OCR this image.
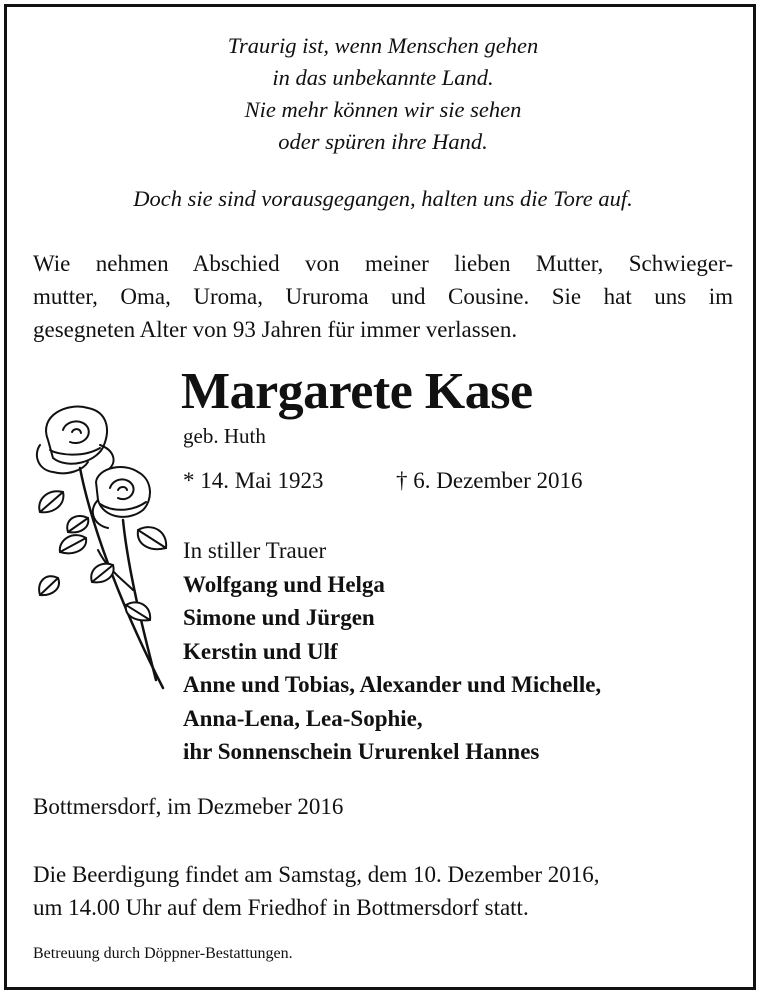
Traurig ist, wenn Menschen gehen
in das unbekannte Land.
Nie mehr können wir sie sehen
oder spüren ihre Hand.
Doch sie sind vorausgegangen, halten uns die Tore auf.
Wie nehmen Abschied von meiner lieben Mutter, Schwieger-
mutter, Oma, Uroma, Ururoma und Cousine. Sie hat uns im
gesegneten Alter von 93 Jahren für immer verlassen.
Margarete Kase
geb. Huth
* 14. Mai 1923	† 6. Dezember 2016
In stiller Trauer
Wolfgang und Helga
Simone und Jürgen
Kerstin und Ulf
Anne und Tobias, Alexander und Michelle,
Anna-Lena, Lea-Sophie,
ihr Sonnenschein Ururenkel Hannes
Bottmersdorf, im Dezmeber 2016
Die Beerdigung findet am Samstag, dem 10. Dezember 2016,
um 14.00 Uhr auf dem Friedhof in Bottmersdorf statt.
Betreuung durch Döppner-Bestattungen.
